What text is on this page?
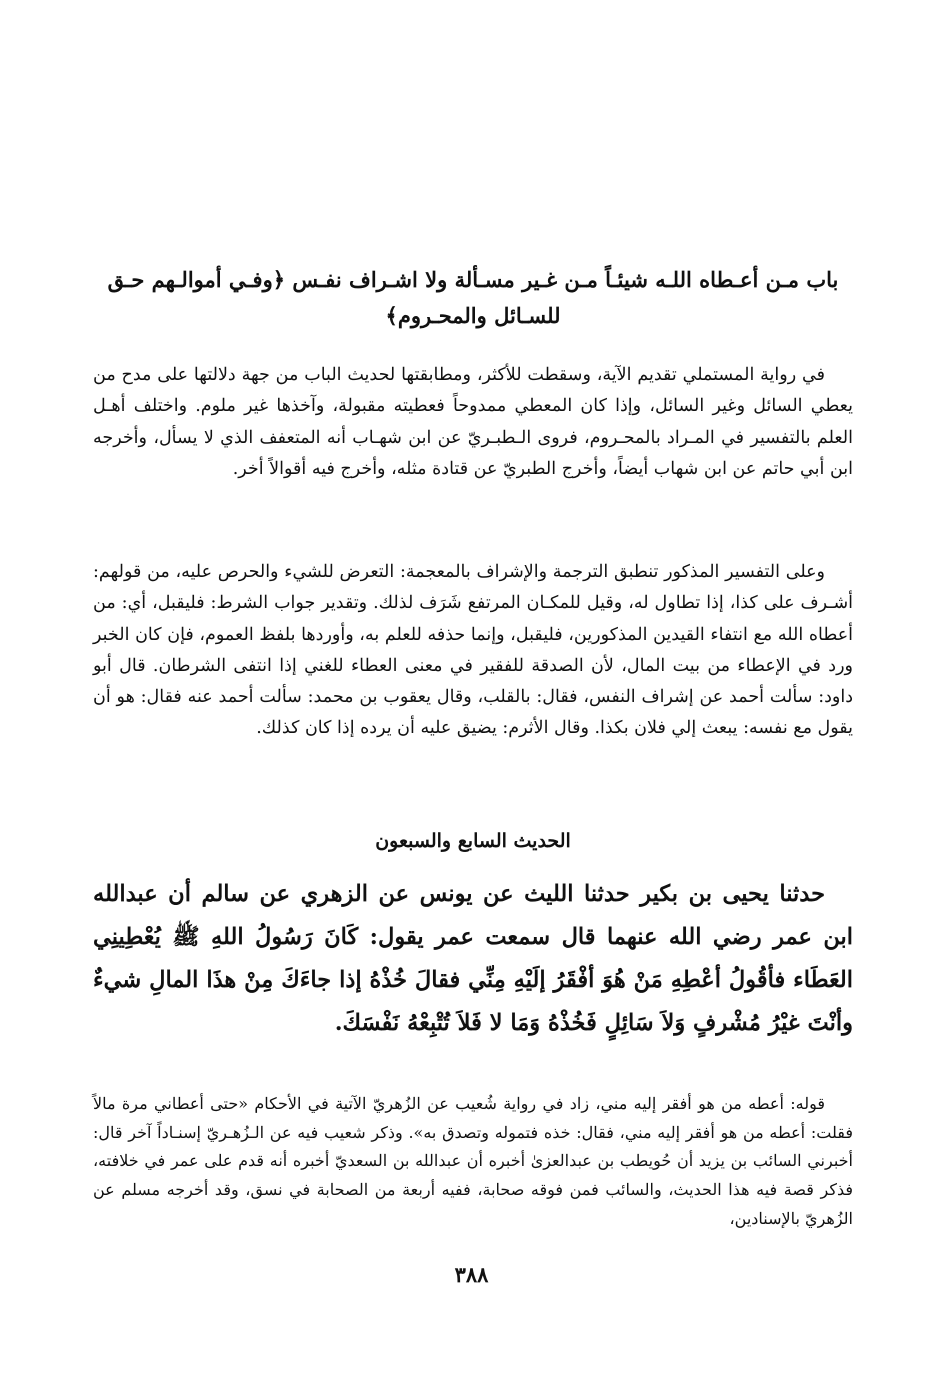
باب مـن أعـطاه اللـه شيئـاً مـن غـير مسـألة ولا اشـراف نفـس ﴿وفـي أموالـهم حـق للسـائل والمحـروم﴾
في رواية المستملي تقديم الآية، وسقطت للأكثر، ومطابقتها لحديث الباب من جهة دلالتها على مدح من يعطي السائل وغير السائل، وإذا كان المعطي ممدوحاً فعطيته مقبولة، وآخذها غير ملوم. واختلف أهـل العلم بالتفسير في المـراد بالمحـروم، فروى الـطبـريّ عن ابن شهـاب أنه المتعفف الذي لا يسأل، وأخرجه ابن أبي حاتم عن ابن شهاب أيضاً، وأخرج الطبريّ عن قتادة مثله، وأخرج فيه أقوالاً أخر.
وعلى التفسير المذكور تنطبق الترجمة والإشراف بالمعجمة: التعرض للشيء والحرص عليه، من قولهم: أشـرف على كذا، إذا تطاول له، وقيل للمكـان المرتفع شَرَف لذلك. وتقدير جواب الشرط: فليقبل، أي: من أعطاه الله مع انتفاء القيدين المذكورين، فليقبل، وإنما حذفه للعلم به، وأوردها بلفظ العموم، فإن كان الخبر ورد في الإعطاء من بيت المال، لأن الصدقة للفقير في معنى العطاء للغني إذا انتفى الشرطان. قال أبو داود: سألت أحمد عن إشراف النفس، فقال: بالقلب، وقال يعقوب بن محمد: سألت أحمد عنه فقال: هو أن يقول مع نفسه: يبعث إلي فلان بكذا. وقال الأثرم: يضيق عليه أن يرده إذا كان كذلك.
الحديث السابع والسبعون
حدثنا يحيى بن بكير حدثنا الليث عن يونس عن الزهري عن سالم أن عبدالله ابن عمر رضي الله عنهما قال سمعت عمر يقول: كَانَ رَسُولُ اللهِ ﷺ يُعْطِينِي العَطَاء فأقُولُ أعْطِهِ مَنْ هُوَ أفْقَرُ إلَيْهِ مِنِّي فقالَ خُذْهُ إذا جاءَكَ مِنْ هذَا المالِ شيءٌ وأنْتَ غيْرُ مُشْرفٍ وَلاَ سَائِلٍ فَخُذْهُ وَمَا لا فَلاَ تُتْبِعْهُ نَفْسَكَ.
قوله: أعطه من هو أفقر إليه مني، زاد في رواية شُعيب عن الزُهريّ الآتية في الأحكام «حتى أعطاني مرة مالاً فقلت: أعطه من هو أفقر إليه مني، فقال: خذه فتموله وتصدق به». وذكر شعيب فيه عن الـزُهـريّ إسنـاداً آخر قال: أخبرني السائب بن يزيد أن حُويطب بن عبدالعزىٰ أخبره أن عبدالله بن السعديّ أخبره أنه قدم على عمر في خلافته، فذكر قصة فيه هذا الحديث، والسائب فمن فوقه صحابة، ففيه أربعة من الصحابة في نسق، وقد أخرجه مسلم عن الزُهريّ بالإسنادين،
٣٨٨
